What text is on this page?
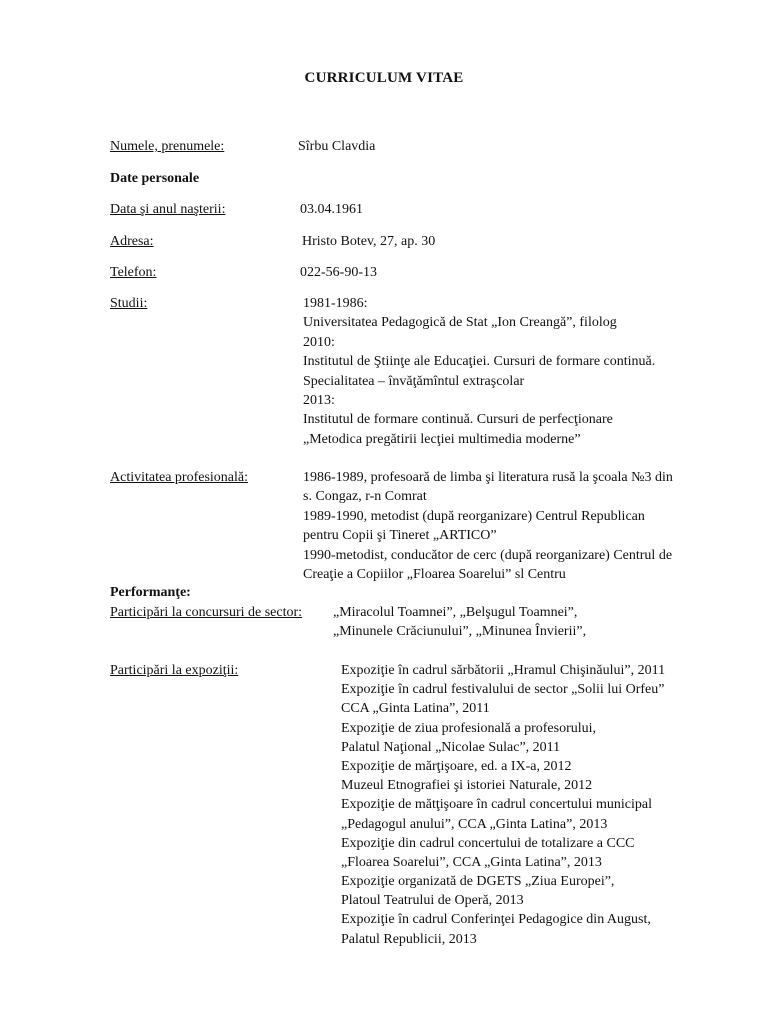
CURRICULUM VITAE
Numele, prenumele:	Sîrbu Clavdia
Date personale
Data şi anul naşterii:	03.04.1961
Adresa:	Hristo Botev, 27, ap. 30
Telefon:	022-56-90-13
Studii:	1981-1986:
Universitatea Pedagogică de Stat „Ion Creangă”, filolog
2010:
Institutul de Ştiinţe ale Educaţiei. Cursuri de formare continuă.
Specialitatea – învăţămîntul extraşcolar
2013:
Institutul de formare continuă. Cursuri de perfecţionare
„Metodica pregătirii lecţiei multimedia moderne”
Activitatea profesională:	1986-1989, profesoară de limba şi literatura rusă la şcoala №3 din
s. Congaz, r-n Comrat
1989-1990, metodist (după reorganizare) Centrul Republican
pentru Copii şi Tineret „ARTICO”
1990-metodist, conducător de cerc (după reorganizare) Centrul de
Creaţie a Copiilor „Floarea Soarelui” sl Centru
Performanţe:
Participări la concursuri de sector: „Miracolul Toamnei”, „Belşugul Toamnei”,
„Minunele Crăciunului”, „Minunea Învierii”,
Participări la expoziţii:	Expoziţie în cadrul sărbătorii „Hramul Chişinăului”, 2011
Expoziţie în cadrul festivalului de sector „Solii lui Orfeu”
CCA „Ginta Latina”, 2011
Expoziţie de ziua profesională a profesorului,
Palatul Naţional „Nicolae Sulac”, 2011
Expoziţie de mărţişoare, ed. a IX-a, 2012
Muzeul Etnografiei şi istoriei Naturale, 2012
Expoziţie de mătţişoare în cadrul concertului municipal
„Pedagogul anului”, CCA „Ginta Latina”, 2013
Expoziţie din cadrul concertului de totalizare a CCC
„Floarea Soarelui”, CCA „Ginta Latina”, 2013
Expoziţie organizată de DGETS „Ziua Europei”,
Platoul Teatrului de Operă, 2013
Expoziţie în cadrul Conferinţei Pedagogice din August,
Palatul Republicii, 2013
